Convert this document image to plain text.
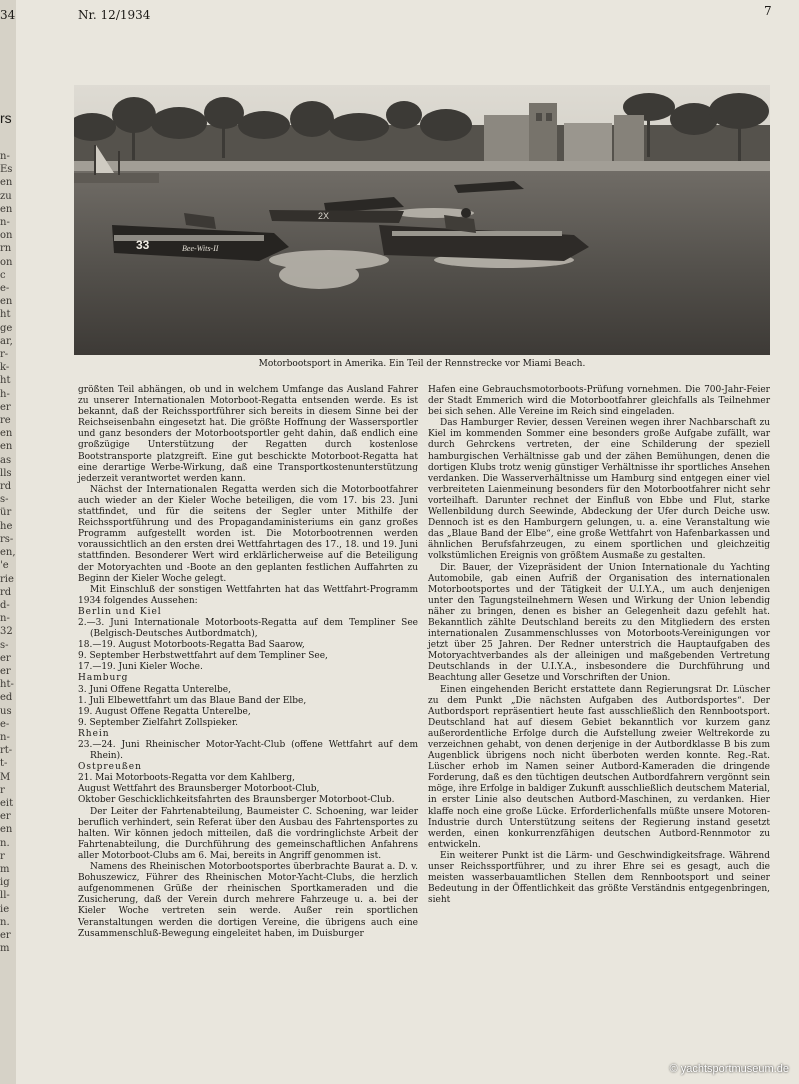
34
rs
n-
Es
en
zu
en
n-
on
rn
on
c
e-
en
ht
ge
ar,
r-
k-
ht
h-
er
re
en
en
as
lls
rd
s-
ür
he
rs-
en,
'e
rie
rd
d-
n-
32
s-
er
er
ht-
ed
us
e-
n-
rt-
t-
M
r
eit
er
en
n.
r
m
ig
ll-
ie
n.
er
m
Nr. 12/1934	7
2X
33	Bee-Wits-II
Motorbootsport in Amerika. Ein Teil der Rennstrecke vor Miami Beach.

größten Teil abhängen, ob und in welchem Umfange das Ausland Fahrer zu unserer Internationalen Motorboot-Regatta entsenden werde. Es ist bekannt, daß der Reichssportführer sich bereits in diesem Sinne bei der Reichseisenbahn eingesetzt hat. Die größte Hoffnung der Wassersportler und ganz besonders der Motorbootsportler geht dahin, daß endlich eine großzügige Unterstützung der Regatten durch kostenlose Bootstransporte platzgreift. Eine gut beschickte Motorboot-Regatta hat eine derartige Werbe-Wirkung, daß eine Transportkostenunterstützung jederzeit verantwortet werden kann.

Nächst der Internationalen Regatta werden sich die Motorbootfahrer auch wieder an der Kieler Woche beteiligen, die vom 17. bis 23. Juni stattfindet, und für die seitens der Segler unter Mithilfe der Reichssportführung und des Propagandaministeriums ein ganz großes Programm aufgestellt worden ist. Die Motorbootrennen werden voraussichtlich an den ersten drei Wettfahrtagen des 17., 18. und 19. Juni stattfinden. Besonderer Wert wird erklärlicherweise auf die Beteiligung der Motoryachten und -Boote an den geplanten festlichen Auffahrten zu Beginn der Kieler Woche gelegt.

Mit Einschluß der sonstigen Wettfahrten hat das Wettfahrt-Programm 1934 folgendes Aussehen:

Berlin und Kiel

2.—3. Juni Internationale Motorboots-Regatta auf dem Templiner See (Belgisch-Deutsches Autbordmatch),

18.—19. August Motorboots-Regatta Bad Saarow,

9. September Herbstwettfahrt auf dem Templiner See,

17.—19. Juni Kieler Woche.

Hamburg

3. Juni Offene Regatta Unterelbe,

1. Juli Elbewettfahrt um das Blaue Band der Elbe,

19. August Offene Regatta Unterelbe,

9. September Zielfahrt Zollspieker.

Rhein

23.—24. Juni Rheinischer Motor-Yacht-Club (offene Wettfahrt auf dem Rhein).

Ostpreußen

21. Mai Motorboots-Regatta vor dem Kahlberg,

August Wettfahrt des Braunsberger Motorboot-Club,

Oktober Geschicklichkeitsfahrten des Braunsberger Motorboot-Club.

Der Leiter der Fahrtenabteilung, Baumeister C. Schoening, war leider beruflich verhindert, sein Referat über den Ausbau des Fahrtensportes zu halten. Wir können jedoch mitteilen, daß die vordringlichste Arbeit der Fahrtenabteilung, die Durchführung des gemeinschaftlichen Anfahrens aller Motorboot-Clubs am 6. Mai, bereits in Angriff genommen ist.

Namens des Rheinischen Motorbootsportes überbrachte Baurat a. D. v. Bohuszewicz, Führer des Rheinischen Motor-Yacht-Clubs, die herzlich aufgenommenen Grüße der rheinischen Sportkameraden und die Zusicherung, daß der Verein durch mehrere Fahrzeuge u. a. bei der Kieler Woche vertreten sein werde. Außer rein sportlichen Veranstaltungen werden die dortigen Vereine, die übrigens auch eine Zusammenschluß-Bewegung eingeleitet haben, im Duisburger

Hafen eine Gebrauchsmotorboots-Prüfung vornehmen. Die 700-Jahr-Feier der Stadt Emmerich wird die Motorbootfahrer gleichfalls als Teilnehmer bei sich sehen. Alle Vereine im Reich sind eingeladen.

Das Hamburger Revier, dessen Vereinen wegen ihrer Nachbarschaft zu Kiel im kommenden Sommer eine besonders große Aufgabe zufällt, war durch Gehrckens vertreten, der eine Schilderung der speziell hamburgischen Verhältnisse gab und der zähen Bemühungen, denen die dortigen Klubs trotz wenig günstiger Verhältnisse ihr sportliches Ansehen verdanken. Die Wasserverhältnisse um Hamburg sind entgegen einer viel verbreiteten Laienmeinung besonders für den Motorbootfahrer nicht sehr vorteilhaft. Darunter rechnet der Einfluß von Ebbe und Flut, starke Wellenbildung durch Seewinde, Abdeckung der Ufer durch Deiche usw. Dennoch ist es den Hamburgern gelungen, u. a. eine Veranstaltung wie das „Blaue Band der Elbe“, eine große Wettfahrt von Hafenbarkassen und ähnlichen Berufsfahrzeugen, zu einem sportlichen und gleichzeitig volkstümlichen Ereignis von größtem Ausmaße zu gestalten.

Dir. Bauer, der Vizepräsident der Union Internationale du Yachting Automobile, gab einen Aufriß der Organisation des internationalen Motorbootsportes und der Tätigkeit der U.I.Y.A., um auch denjenigen unter den Tagungsteilnehmern Wesen und Wirkung der Union lebendig näher zu bringen, denen es bisher an Gelegenheit dazu gefehlt hat. Bekanntlich zählte Deutschland bereits zu den Mitgliedern des ersten internationalen Zusammenschlusses von Motorboots-Vereinigungen vor jetzt über 25 Jahren. Der Redner unterstrich die Hauptaufgaben des Motoryachtverbandes als der alleinigen und maßgebenden Vertretung Deutschlands in der U.I.Y.A., insbesondere die Durchführung und Beachtung aller Gesetze und Vorschriften der Union.

Einen eingehenden Bericht erstattete dann Regierungsrat Dr. Lüscher zu dem Punkt „Die nächsten Aufgaben des Autbordsportes“. Der Autbordsport repräsentiert heute fast ausschließlich den Rennbootsport. Deutschland hat auf diesem Gebiet bekanntlich vor kurzem ganz außerordentliche Erfolge durch die Aufstellung zweier Weltrekorde zu verzeichnen gehabt, von denen derjenige in der Autbordklasse B bis zum Augenblick übrigens noch nicht überboten werden konnte. Reg.-Rat. Lüscher erhob im Namen seiner Autbord-Kameraden die dringende Forderung, daß es den tüchtigen deutschen Autbordfahrern vergönnt sein möge, ihre Erfolge in baldiger Zukunft ausschließlich deutschem Material, in erster Linie also deutschen Autbord-Maschinen, zu verdanken. Hier klaffe noch eine große Lücke. Erforderlichenfalls müßte unsere Motoren-Industrie durch Unterstützung seitens der Regierung instand gesetzt werden, einen konkurrenzfähigen deutschen Autbord-Rennmotor zu entwickeln.

Ein weiterer Punkt ist die Lärm- und Geschwindigkeitsfrage. Während unser Reichssportführer, und zu ihrer Ehre sei es gesagt, auch die meisten wasserbauamtlichen Stellen dem Rennbootsport und seiner Bedeutung in der Öffentlichkeit das größte Verständnis entgegenbringen, sieht

© yachtsportmuseum.de
